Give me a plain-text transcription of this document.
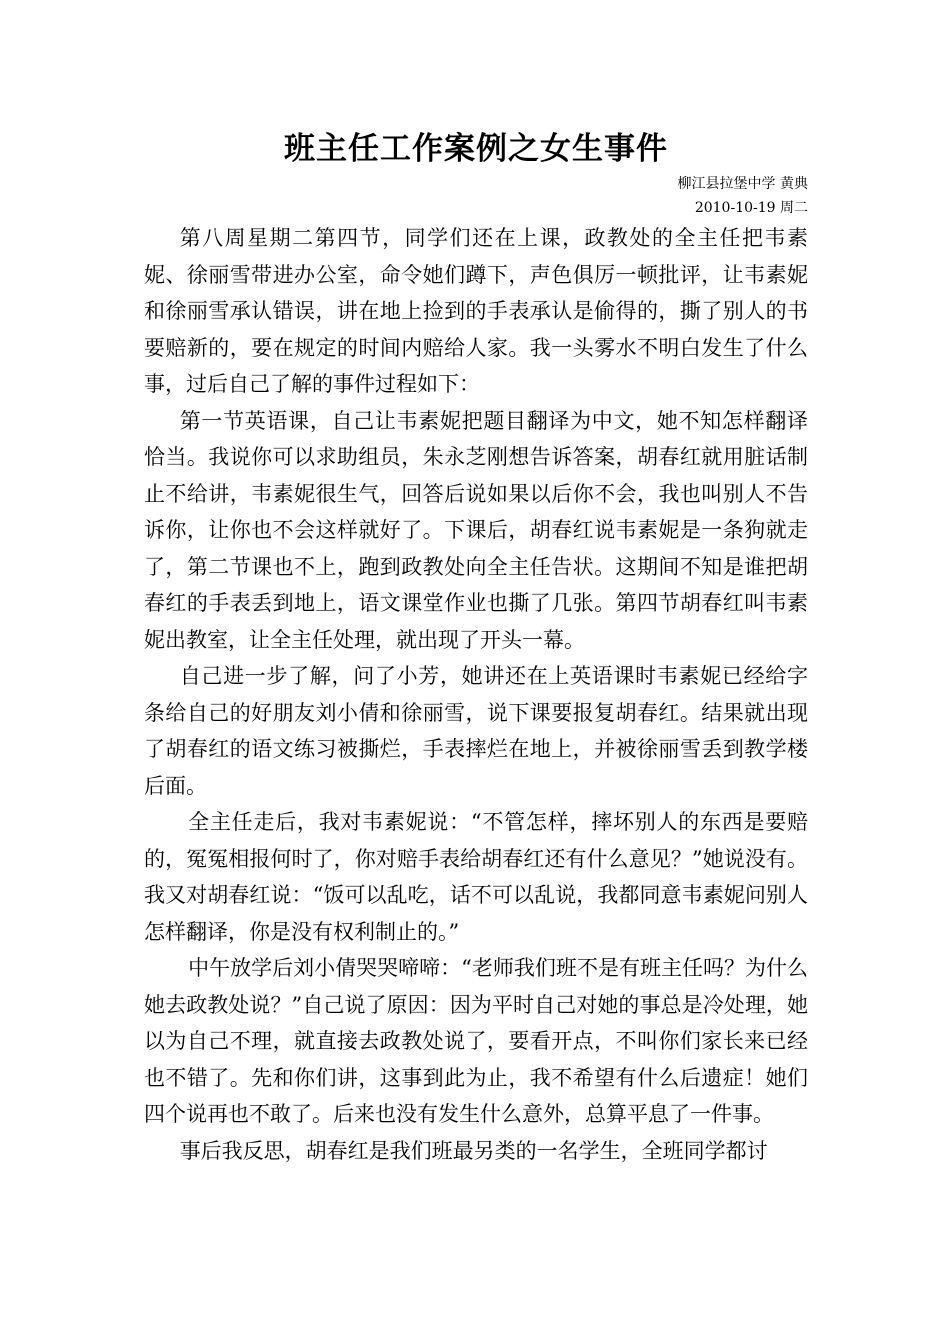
班主任工作案例之女生事件
柳江县拉堡中学 黄典
2010-10-19 周二

第八周星期二第四节，同学们还在上课，政教处的全主任把韦素妮、徐丽雪带进办公室，命令她们蹲下，声色俱厉一顿批评，让韦素妮和徐丽雪承认错误，讲在地上捡到的手表承认是偷得的，撕了别人的书要赔新的，要在规定的时间内赔给人家。我一头雾水不明白发生了什么事，过后自己了解的事件过程如下：

第一节英语课，自己让韦素妮把题目翻译为中文，她不知怎样翻译恰当。我说你可以求助组员，朱永芝刚想告诉答案，胡春红就用脏话制止不给讲，韦素妮很生气，回答后说如果以后你不会，我也叫别人不告诉你，让你也不会这样就好了。下课后，胡春红说韦素妮是一条狗就走了，第二节课也不上，跑到政教处向全主任告状。这期间不知是谁把胡春红的手表丢到地上，语文课堂作业也撕了几张。第四节胡春红叫韦素妮出教室，让全主任处理，就出现了开头一幕。

自己进一步了解，问了小芳，她讲还在上英语课时韦素妮已经给字条给自己的好朋友刘小倩和徐丽雪，说下课要报复胡春红。结果就出现了胡春红的语文练习被撕烂，手表摔烂在地上，并被徐丽雪丢到教学楼后面。

全主任走后，我对韦素妮说：“不管怎样，摔坏别人的东西是要赔的，冤冤相报何时了，你对赔手表给胡春红还有什么意见？”她说没有。我又对胡春红说：“饭可以乱吃，话不可以乱说，我都同意韦素妮问别人怎样翻译，你是没有权利制止的。”

中午放学后刘小倩哭哭啼啼：“老师我们班不是有班主任吗？为什么她去政教处说？”自己说了原因：因为平时自己对她的事总是冷处理，她以为自己不理，就直接去政教处说了，要看开点，不叫你们家长来已经也不错了。先和你们讲，这事到此为止，我不希望有什么后遗症！她们四个说再也不敢了。后来也没有发生什么意外，总算平息了一件事。

事后我反思，胡春红是我们班最另类的一名学生，全班同学都讨
